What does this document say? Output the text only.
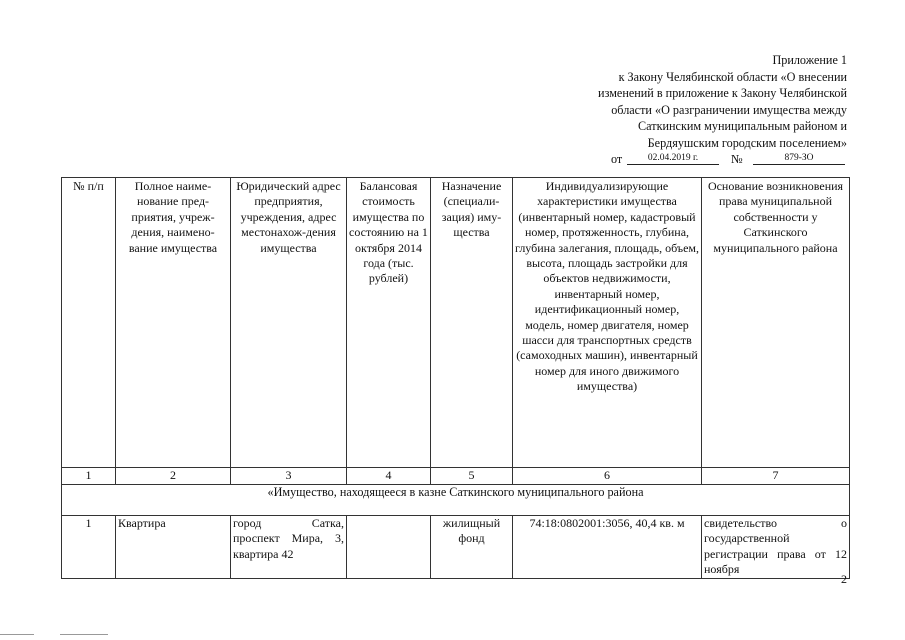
Приложение 1
к Закону Челябинской области «О внесении
изменений в приложение к Закону Челябинской
области «О разграничении имущества между
Саткинским муниципальным районом и
Бердяушским городским поселением»
от	02.04.2019 г.	№	879-ЗО
№ п/п	Полное наиме-нование пред-приятия, учреж-дения, наимено-вание имущества	Юридический адрес предприятия, учреждения, адрес местонахож-дения имущества	Балансовая стоимость имущества по состоянию на 1 октября 2014 года (тыс. рублей)	Назначение (специали-зация) иму-щества	Индивидуализирующие характеристики имущества (инвентарный номер, кадастровый номер, протяженность, глубина, глубина залегания, площадь, объем, высота, площадь застройки для объектов недвижимости, инвентарный номер, идентификационный номер, модель, номер двигателя, номер шасси для транспортных средств (самоходных машин), инвентарный номер для иного движимого имущества)	Основание возникновения права муниципальной собственности у Саткинского муниципального района
1	2	3	4	5	6	7
«Имущество, находящееся в казне Саткинского муниципального района						
1	Квартира	город Сатка, проспект Мира, 3, квартира 42		жилищный фонд	74:18:0802001:3056, 40,4 кв. м	свидетельство о государственной регистрации права от 12 ноября
2
